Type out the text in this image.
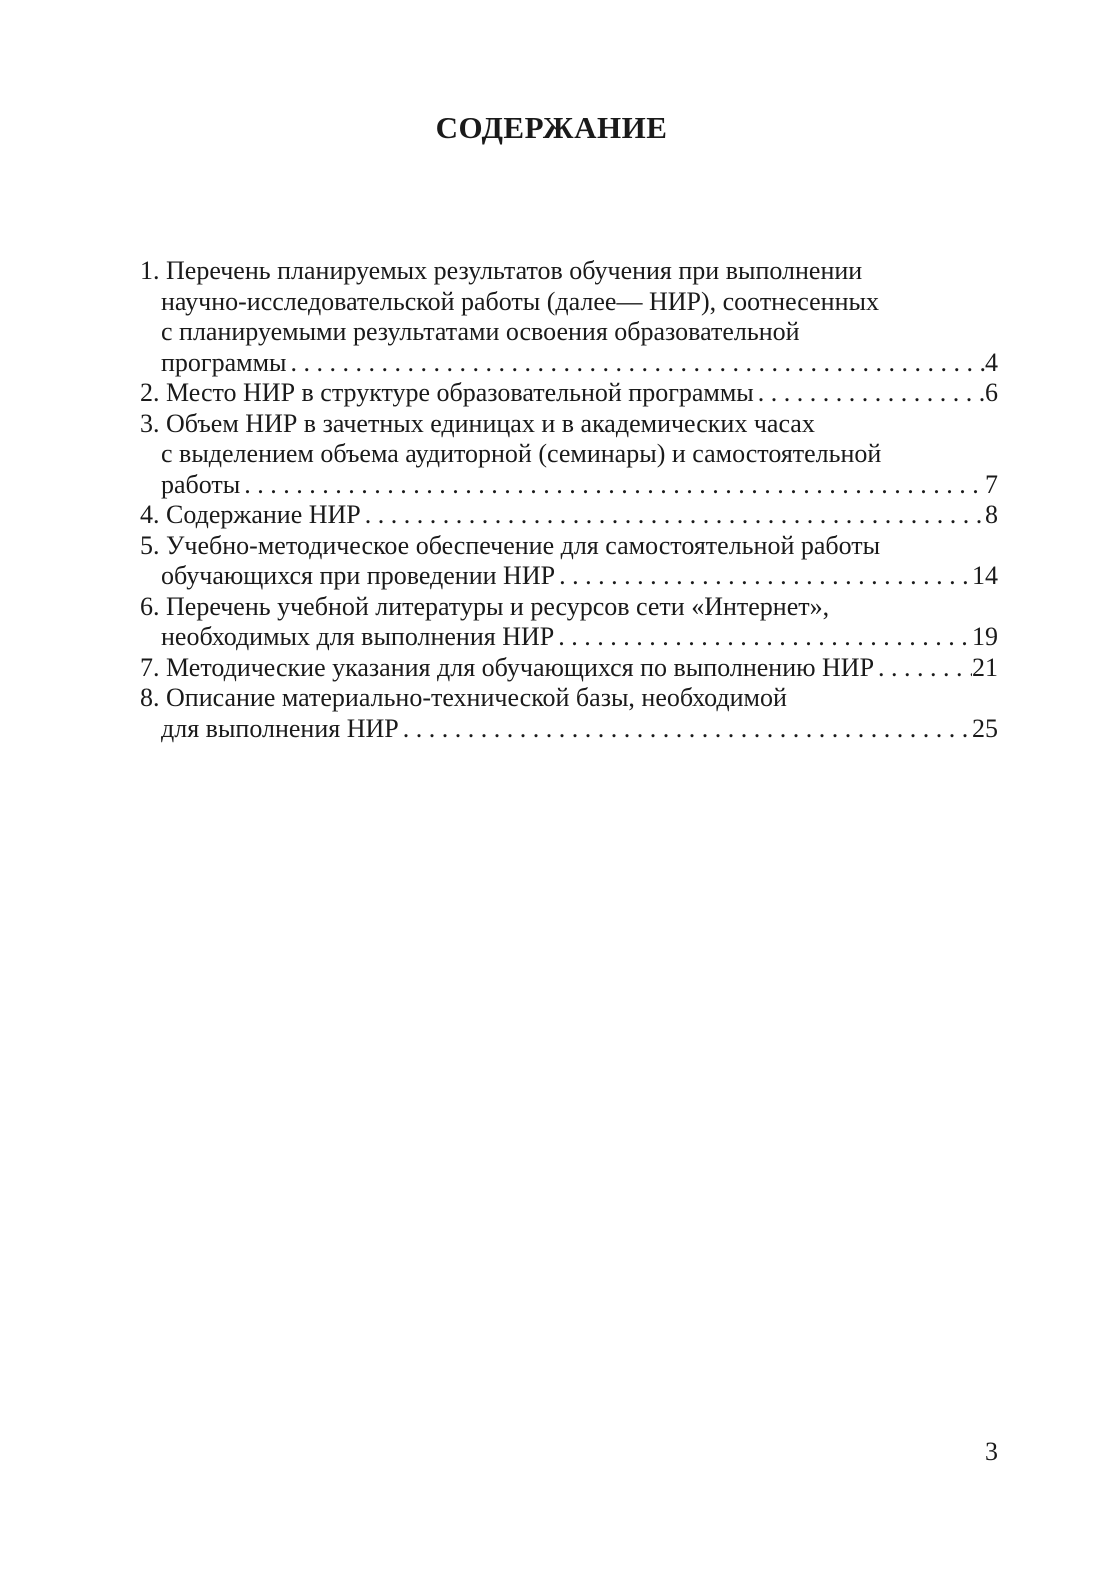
СОДЕРЖАНИЕ
1. Перечень планируемых результатов обучения при выполнении
научно-исследовательской работы (далее— НИР), соотнесенных
с планируемыми результатами освоения образовательной
программы . . .	4
2. Место НИР в структуре образовательной программы . . .	6
3. Объем НИР в зачетных единицах и в академических часах
с выделением объема аудиторной (семинары) и самостоятельной
работы . . .	7
4. Содержание НИР . . .	8
5. Учебно-методическое обеспечение для самостоятельной работы
обучающихся при проведении НИР . . .	14
6. Перечень учебной литературы и ресурсов сети «Интернет»,
необходимых для выполнения НИР . . .	19
7. Методические указания для обучающихся по выполнению НИР . . .	21
8. Описание материально-технической базы, необходимой
для выполнения НИР . . .	25
3
